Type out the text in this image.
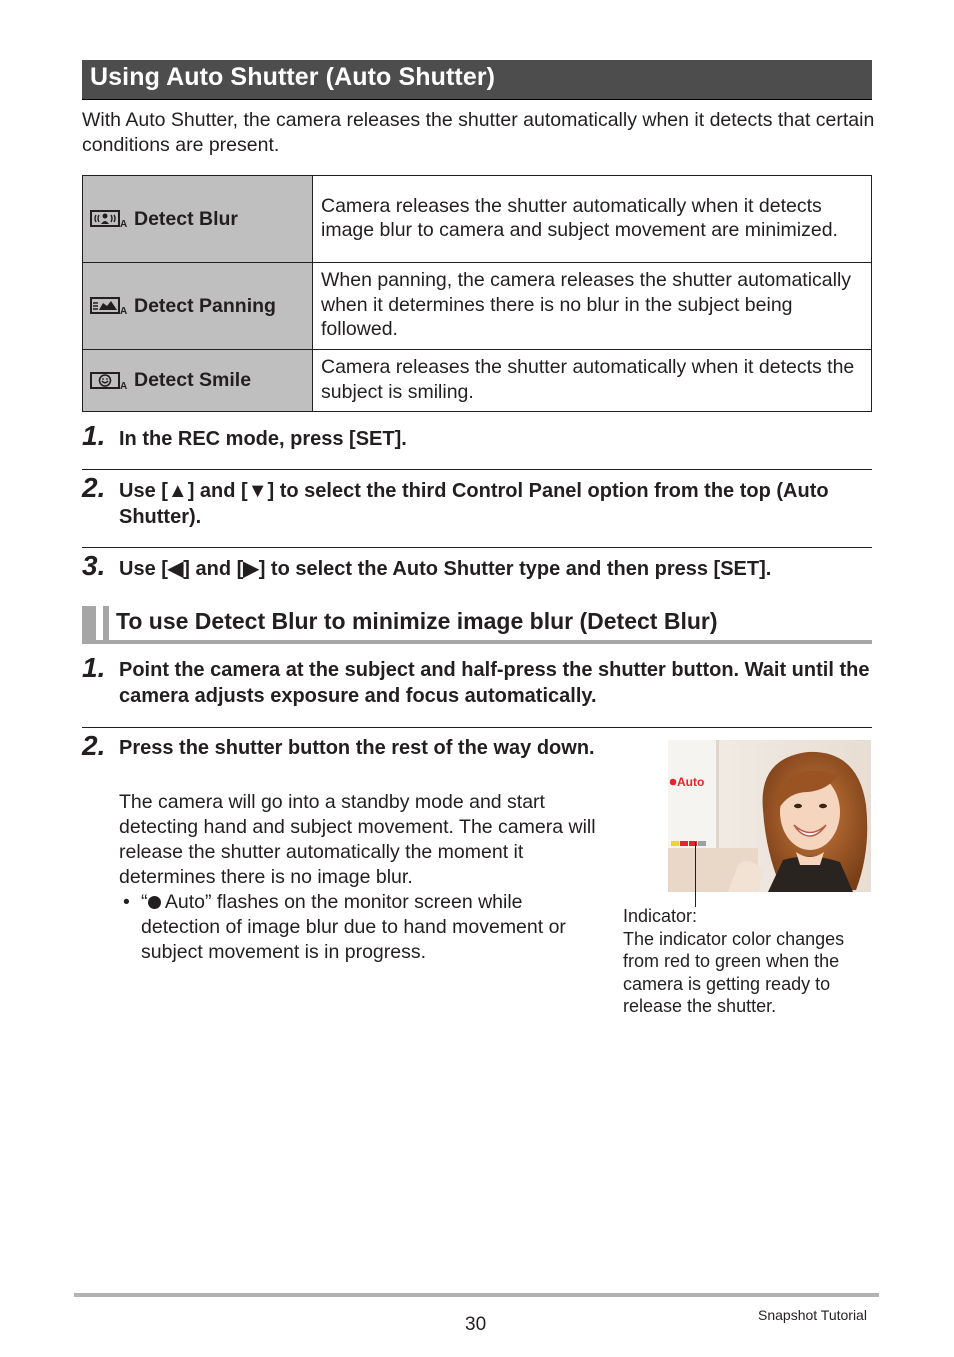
Using Auto Shutter (Auto Shutter)
With Auto Shutter, the camera releases the shutter automatically when it detects that certain conditions are present.
A Detect Blur	Camera releases the shutter automatically when it detects image blur to camera and subject movement are minimized.

A Detect Panning	When panning, the camera releases the shutter automatically when it determines there is no blur in the subject being followed.

A Detect Smile	Camera releases the shutter automatically when it detects the subject is smiling.
1. In the REC mode, press [SET].
2. Use [▲] and [▼] to select the third Control Panel option from the top (Auto Shutter).
3. Use [◀] and [▶] to select the Auto Shutter type and then press [SET].
To use Detect Blur to minimize image blur (Detect Blur)
1. Point the camera at the subject and half-press the shutter button. Wait until the camera adjusts exposure and focus automatically.
2. Press the shutter button the rest of the way down.
The camera will go into a standby mode and start detecting hand and subject movement. The camera will release the shutter automatically the moment it determines there is no image blur.
• “ Auto” flashes on the monitor screen while detection of image blur due to hand movement or subject movement is in progress.
Auto
Indicator:
The indicator color changes from red to green when the camera is getting ready to release the shutter.
30	Snapshot Tutorial
